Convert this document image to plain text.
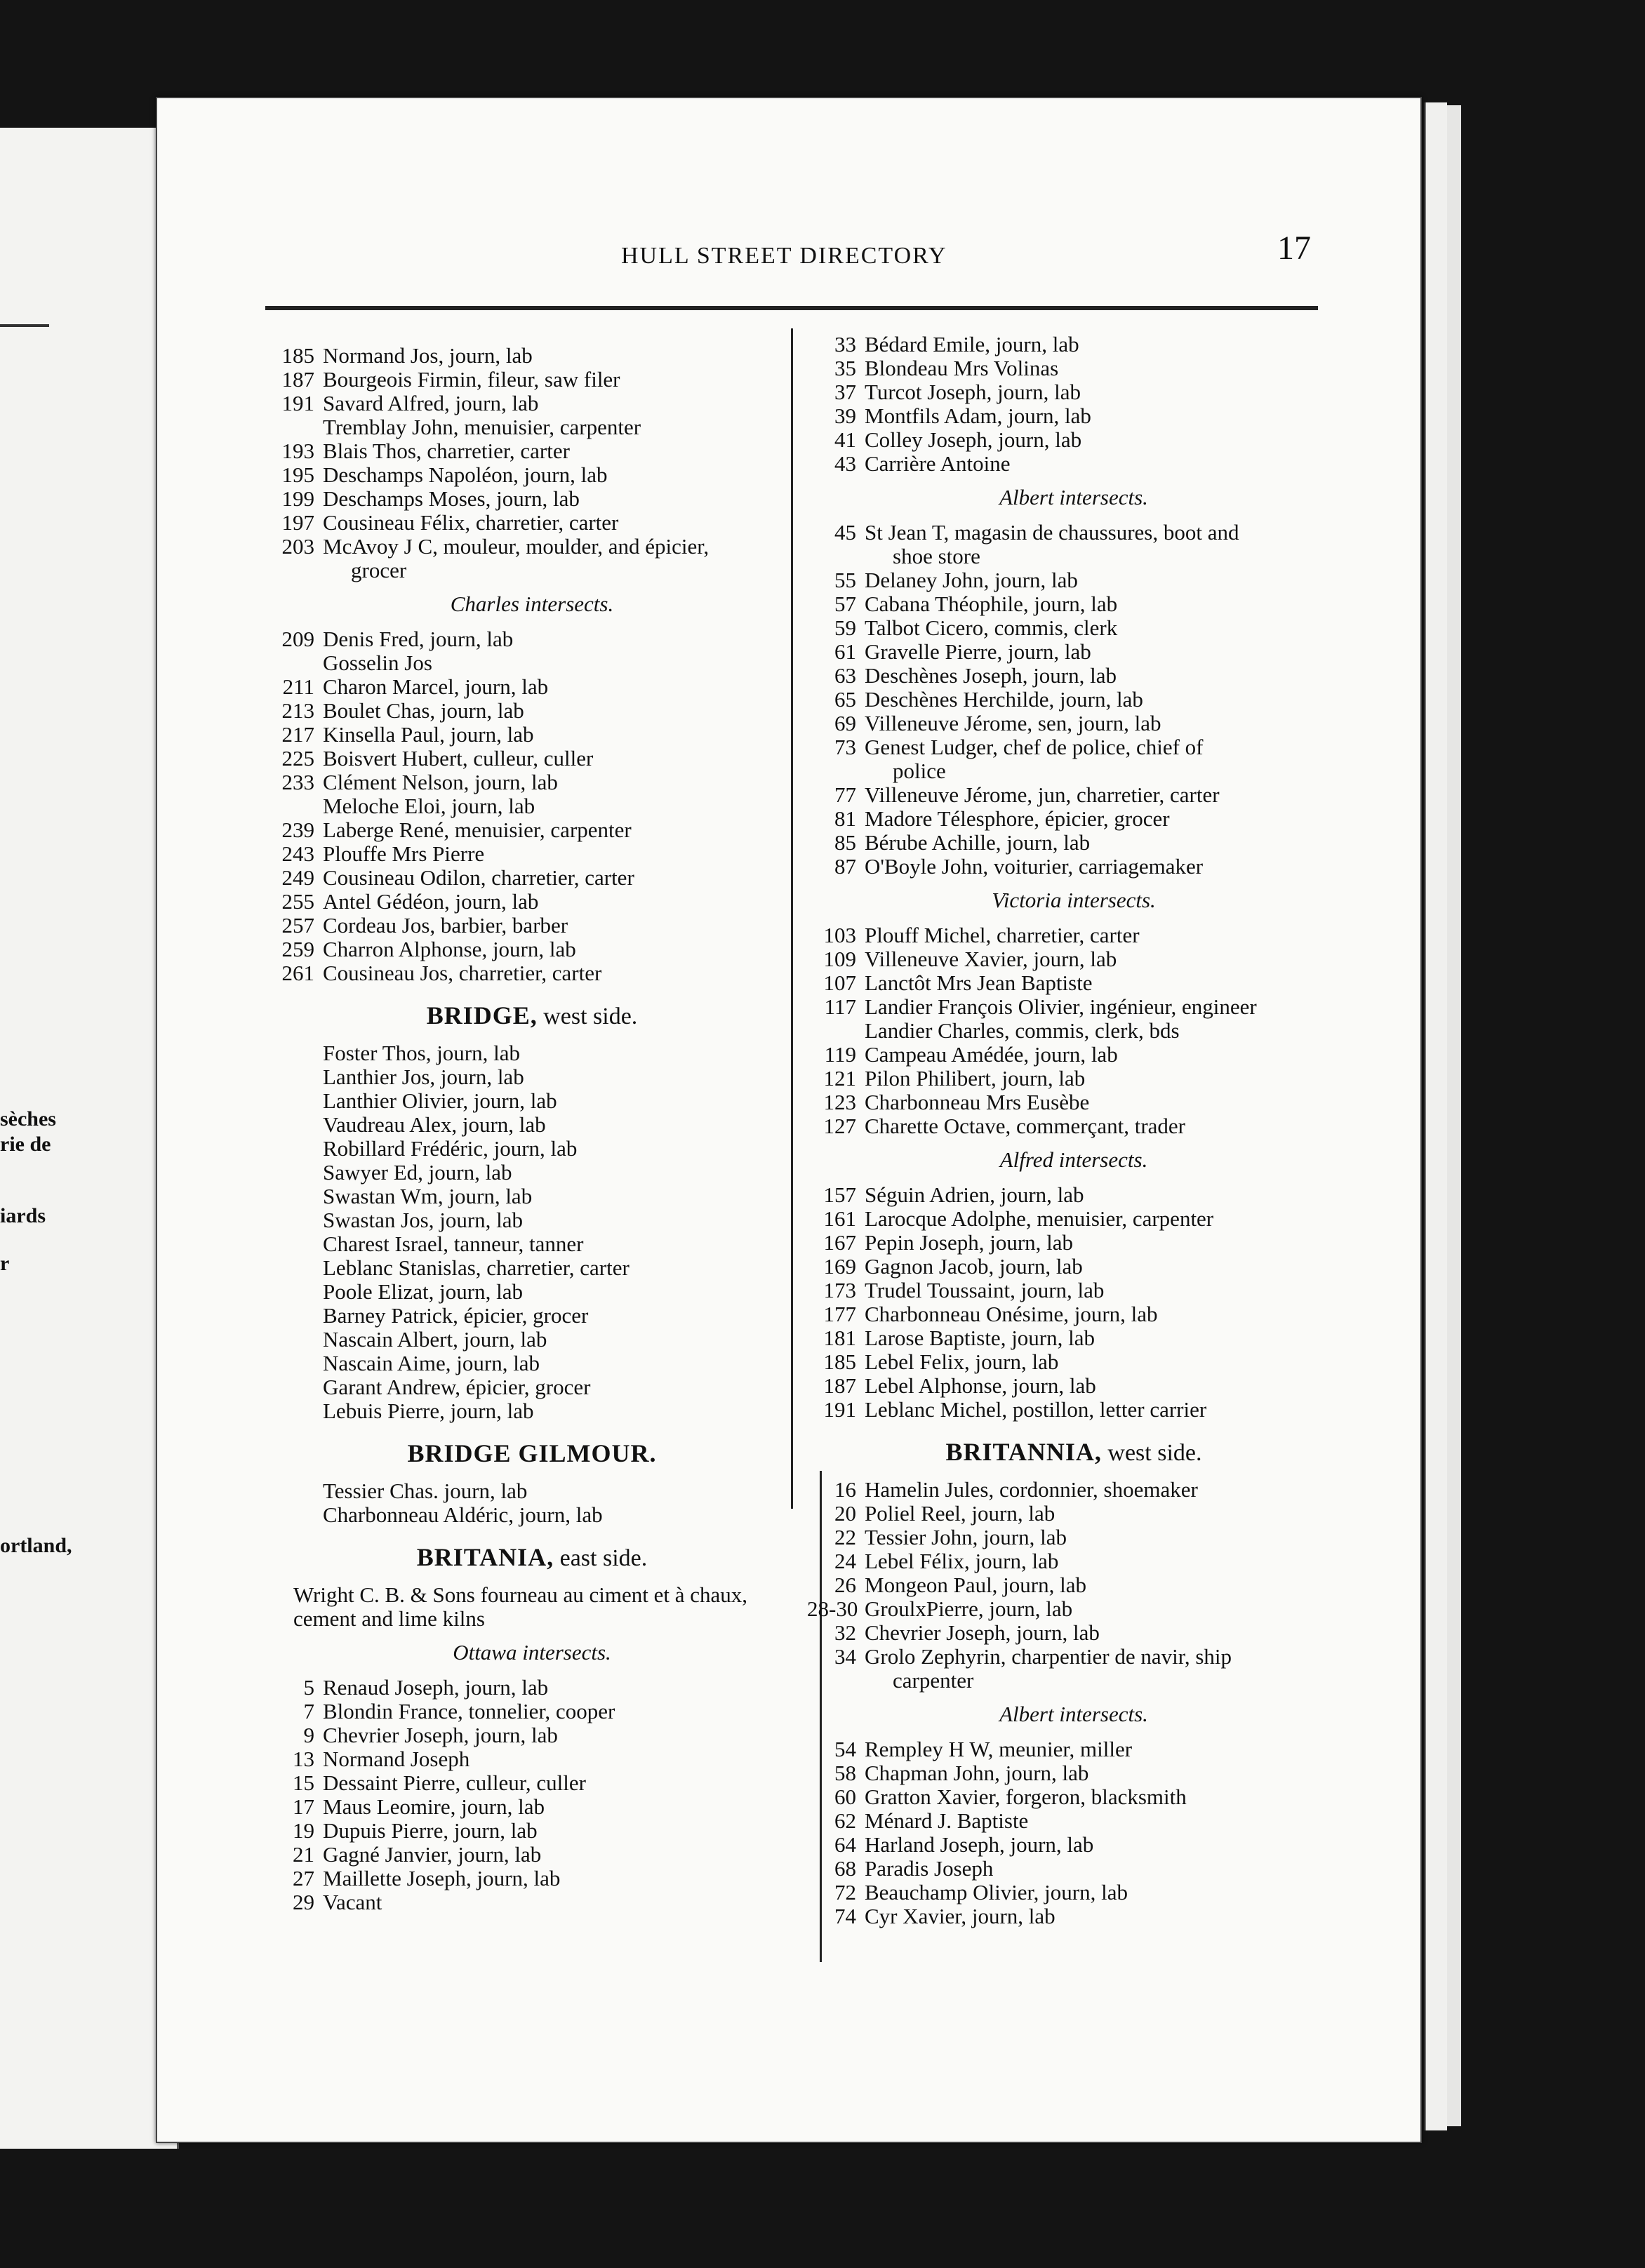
sèches
rie de
iards
r
ortland,
HULL STREET DIRECTORY	17
185 Normand Jos, journ, lab
187 Bourgeois Firmin, fileur, saw filer
191 Savard Alfred, journ, lab
Tremblay John, menuisier, carpenter
193 Blais Thos, charretier, carter
195 Deschamps Napoléon, journ, lab
199 Deschamps Moses, journ, lab
197 Cousineau Félix, charretier, carter
203 McAvoy J C, mouleur, moulder, and épicier,
grocer
Charles intersects.
209 Denis Fred, journ, lab
Gosselin Jos
211 Charon Marcel, journ, lab
213 Boulet Chas, journ, lab
217 Kinsella Paul, journ, lab
225 Boisvert Hubert, culleur, culler
233 Clément Nelson, journ, lab
Meloche Eloi, journ, lab
239 Laberge René, menuisier, carpenter
243 Plouffe Mrs Pierre
249 Cousineau Odilon, charretier, carter
255 Antel Gédéon, journ, lab
257 Cordeau Jos, barbier, barber
259 Charron Alphonse, journ, lab
261 Cousineau Jos, charretier, carter
BRIDGE, west side.
Foster Thos, journ, lab
Lanthier Jos, journ, lab
Lanthier Olivier, journ, lab
Vaudreau Alex, journ, lab
Robillard Frédéric, journ, lab
Sawyer Ed, journ, lab
Swastan Wm, journ, lab
Swastan Jos, journ, lab
Charest Israel, tanneur, tanner
Leblanc Stanislas, charretier, carter
Poole Elizat, journ, lab
Barney Patrick, épicier, grocer
Nascain Albert, journ, lab
Nascain Aime, journ, lab
Garant Andrew, épicier, grocer
Lebuis Pierre, journ, lab
BRIDGE GILMOUR.
Tessier Chas. journ, lab
Charbonneau Aldéric, journ, lab
BRITANIA, east side.
Wright C. B. & Sons fourneau au ciment et à chaux, cement and lime kilns
Ottawa intersects.
5 Renaud Joseph, journ, lab
7 Blondin France, tonnelier, cooper
9 Chevrier Joseph, journ, lab
13 Normand Joseph
15 Dessaint Pierre, culleur, culler
17 Maus Leomire, journ, lab
19 Dupuis Pierre, journ, lab
21 Gagné Janvier, journ, lab
27 Maillette Joseph, journ, lab
29 Vacant
33 Bédard Emile, journ, lab
35 Blondeau Mrs Volinas
37 Turcot Joseph, journ, lab
39 Montfils Adam, journ, lab
41 Colley Joseph, journ, lab
43 Carrière Antoine
Albert intersects.
45 St Jean T, magasin de chaussures, boot and
shoe store
55 Delaney John, journ, lab
57 Cabana Théophile, journ, lab
59 Talbot Cicero, commis, clerk
61 Gravelle Pierre, journ, lab
63 Deschènes Joseph, journ, lab
65 Deschènes Herchilde, journ, lab
69 Villeneuve Jérome, sen, journ, lab
73 Genest Ludger, chef de police, chief of
police
77 Villeneuve Jérome, jun, charretier, carter
81 Madore Télesphore, épicier, grocer
85 Bérube Achille, journ, lab
87 O'Boyle John, voiturier, carriagemaker
Victoria intersects.
103 Plouff Michel, charretier, carter
109 Villeneuve Xavier, journ, lab
107 Lanctôt Mrs Jean Baptiste
117 Landier François Olivier, ingénieur, engineer
Landier Charles, commis, clerk, bds
119 Campeau Amédée, journ, lab
121 Pilon Philibert, journ, lab
123 Charbonneau Mrs Eusèbe
127 Charette Octave, commerçant, trader
Alfred intersects.
157 Séguin Adrien, journ, lab
161 Larocque Adolphe, menuisier, carpenter
167 Pepin Joseph, journ, lab
169 Gagnon Jacob, journ, lab
173 Trudel Toussaint, journ, lab
177 Charbonneau Onésime, journ, lab
181 Larose Baptiste, journ, lab
185 Lebel Felix, journ, lab
187 Lebel Alphonse, journ, lab
191 Leblanc Michel, postillon, letter carrier
BRITANNIA, west side.
16 Hamelin Jules, cordonnier, shoemaker
20 Poliel Reel, journ, lab
22 Tessier John, journ, lab
24 Lebel Félix, journ, lab
26 Mongeon Paul, journ, lab
28-30 GroulxPierre, journ, lab
32 Chevrier Joseph, journ, lab
34 Grolo Zephyrin, charpentier de navir, ship
carpenter
Albert intersects.
54 Rempley H W, meunier, miller
58 Chapman John, journ, lab
60 Gratton Xavier, forgeron, blacksmith
62 Ménard J. Baptiste
64 Harland Joseph, journ, lab
68 Paradis Joseph
72 Beauchamp Olivier, journ, lab
74 Cyr Xavier, journ, lab
